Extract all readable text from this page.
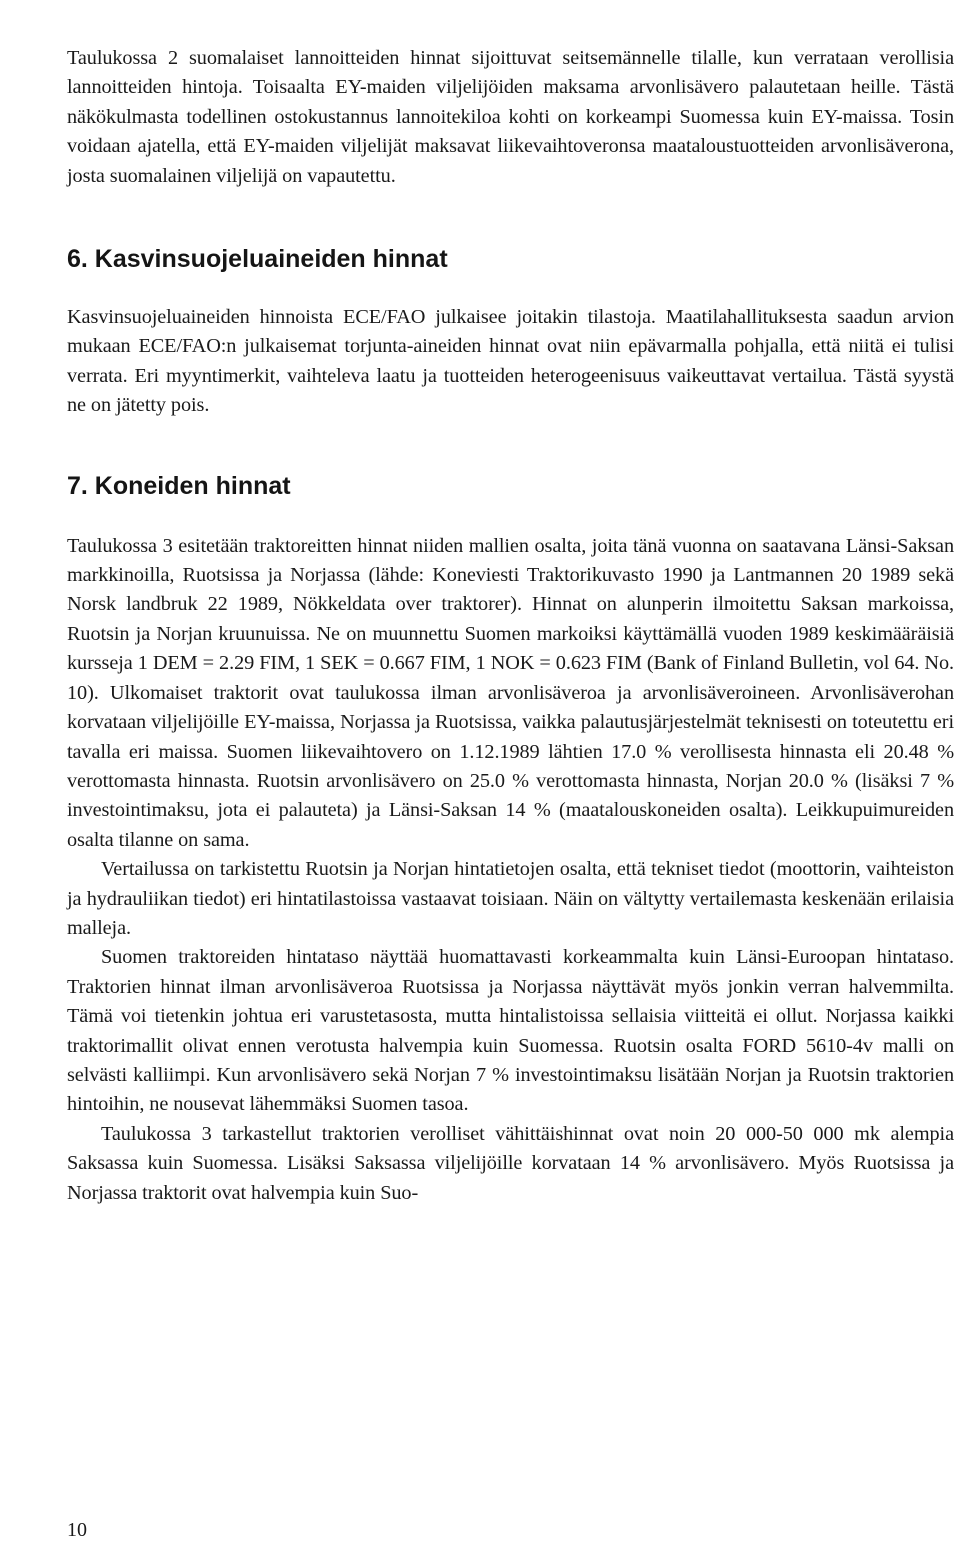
Taulukossa 2 suomalaiset lannoitteiden hinnat sijoittuvat seitsemännelle tilalle, kun verrataan verollisia lannoitteiden hintoja. Toisaalta EY-maiden viljelijöiden maksama arvonlisävero palautetaan heille. Tästä näkökulmasta todellinen ostokustannus lannoitekiloa kohti on korkeampi Suomessa kuin EY-maissa. Tosin voidaan ajatella, että EY-maiden viljelijät maksavat liikevaihtoveronsa maataloustuotteiden arvonlisäverona, josta suomalainen viljelijä on vapautettu.

6. Kasvinsuojeluaineiden hinnat

Kasvinsuojeluaineiden hinnoista ECE/FAO julkaisee joitakin tilastoja. Maatilahallituksesta saadun arvion mukaan ECE/FAO:n julkaisemat torjunta-aineiden hinnat ovat niin epävarmalla pohjalla, että niitä ei tulisi verrata. Eri myyntimerkit, vaihteleva laatu ja tuotteiden heterogeenisuus vaikeuttavat vertailua. Tästä syystä ne on jätetty pois.

7. Koneiden hinnat

Taulukossa 3 esitetään traktoreitten hinnat niiden mallien osalta, joita tänä vuonna on saatavana Länsi-Saksan markkinoilla, Ruotsissa ja Norjassa (lähde: Koneviesti Traktorikuvasto 1990 ja Lantmannen 20 1989 sekä Norsk landbruk 22 1989, Nökkeldata over traktorer). Hinnat on alunperin ilmoitettu Saksan markoissa, Ruotsin ja Norjan kruunuissa. Ne on muunnettu Suomen markoiksi käyttämällä vuoden 1989 keskimääräisiä kursseja 1 DEM = 2.29 FIM, 1 SEK = 0.667 FIM, 1 NOK = 0.623 FIM (Bank of Finland Bulletin, vol 64. No. 10). Ulkomaiset traktorit ovat taulukossa ilman arvonlisäveroa ja arvonlisäveroineen. Arvonlisäverohan korvataan viljelijöille EY-maissa, Norjassa ja Ruotsissa, vaikka palautusjärjestelmät teknisesti on toteutettu eri tavalla eri maissa. Suomen liikevaihtovero on 1.12.1989 lähtien 17.0 % verollisesta hinnasta eli 20.48 % verottomasta hinnasta. Ruotsin arvonlisävero on 25.0 % verottomasta hinnasta, Norjan 20.0 % (lisäksi 7 % investointimaksu, jota ei palauteta) ja Länsi-Saksan 14 % (maatalouskoneiden osalta). Leikkupuimureiden osalta tilanne on sama.

Vertailussa on tarkistettu Ruotsin ja Norjan hintatietojen osalta, että tekniset tiedot (moottorin, vaihteiston ja hydrauliikan tiedot) eri hintatilastoissa vastaavat toisiaan. Näin on vältytty vertailemasta keskenään erilaisia malleja.

Suomen traktoreiden hintataso näyttää huomattavasti korkeammalta kuin Länsi-Euroopan hintataso. Traktorien hinnat ilman arvonlisäveroa Ruotsissa ja Norjassa näyttävät myös jonkin verran halvemmilta. Tämä voi tietenkin johtua eri varustetasosta, mutta hintalistoissa sellaisia viitteitä ei ollut. Norjassa kaikki traktorimallit olivat ennen verotusta halvempia kuin Suomessa. Ruotsin osalta FORD 5610-4v malli on selvästi kalliimpi. Kun arvonlisävero sekä Norjan 7 % investointimaksu lisätään Norjan ja Ruotsin traktorien hintoihin, ne nousevat lähemmäksi Suomen tasoa.

Taulukossa 3 tarkastellut traktorien verolliset vähittäishinnat ovat noin 20 000-50 000 mk alempia Saksassa kuin Suomessa. Lisäksi Saksassa viljelijöille korvataan 14 % arvonlisävero. Myös Ruotsissa ja Norjassa traktorit ovat halvempia kuin Suo-

10
